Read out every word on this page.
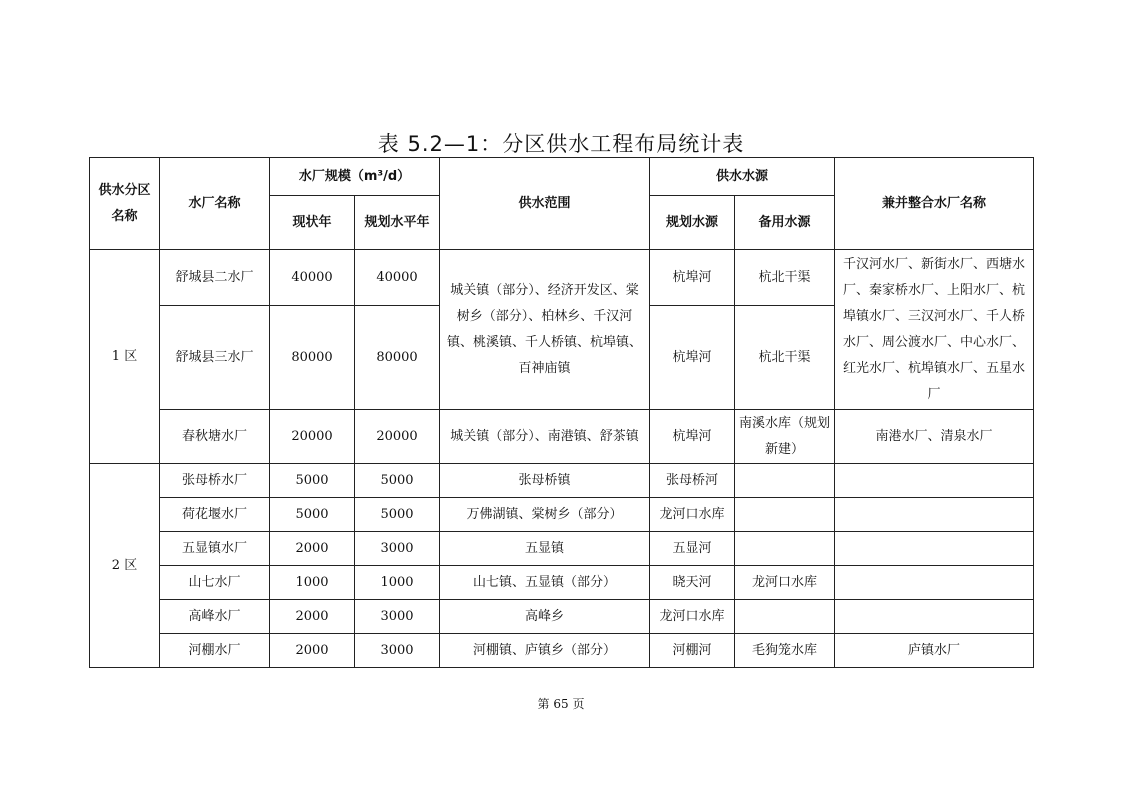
表 5.2—1：分区供水工程布局统计表
供水分区名称	水厂名称	水厂规模（m³/d）		供水范围	供水水源		兼并整合水厂名称
		现状年	规划水平年		规划水源	备用水源	
1 区	舒城县二水厂	40000	40000	城关镇（部分）、经济开发区、棠树乡（部分）、柏林乡、千汉河镇、桃溪镇、千人桥镇、杭埠镇、百神庙镇	杭埠河	杭北干渠	千汉河水厂、新街水厂、西塘水厂、秦家桥水厂、上阳水厂、杭埠镇水厂、三汉河水厂、千人桥水厂、周公渡水厂、中心水厂、红光水厂、杭埠镇水厂、五星水厂
	舒城县三水厂	80000	80000		杭埠河	杭北干渠	
	春秋塘水厂	20000	20000	城关镇（部分）、南港镇、舒茶镇	杭埠河	南溪水库（规划新建）	南港水厂、清泉水厂
2 区	张母桥水厂	5000	5000	张母桥镇	张母桥河		
	荷花堰水厂	5000	5000	万佛湖镇、棠树乡（部分）	龙河口水库		
	五显镇水厂	2000	3000	五显镇	五显河		
	山七水厂	1000	1000	山七镇、五显镇（部分）	晓天河	龙河口水库	
	高峰水厂	2000	3000	高峰乡	龙河口水库		
	河棚水厂	2000	3000	河棚镇、庐镇乡（部分）	河棚河	毛狗笼水库	庐镇水厂
第 65 页
